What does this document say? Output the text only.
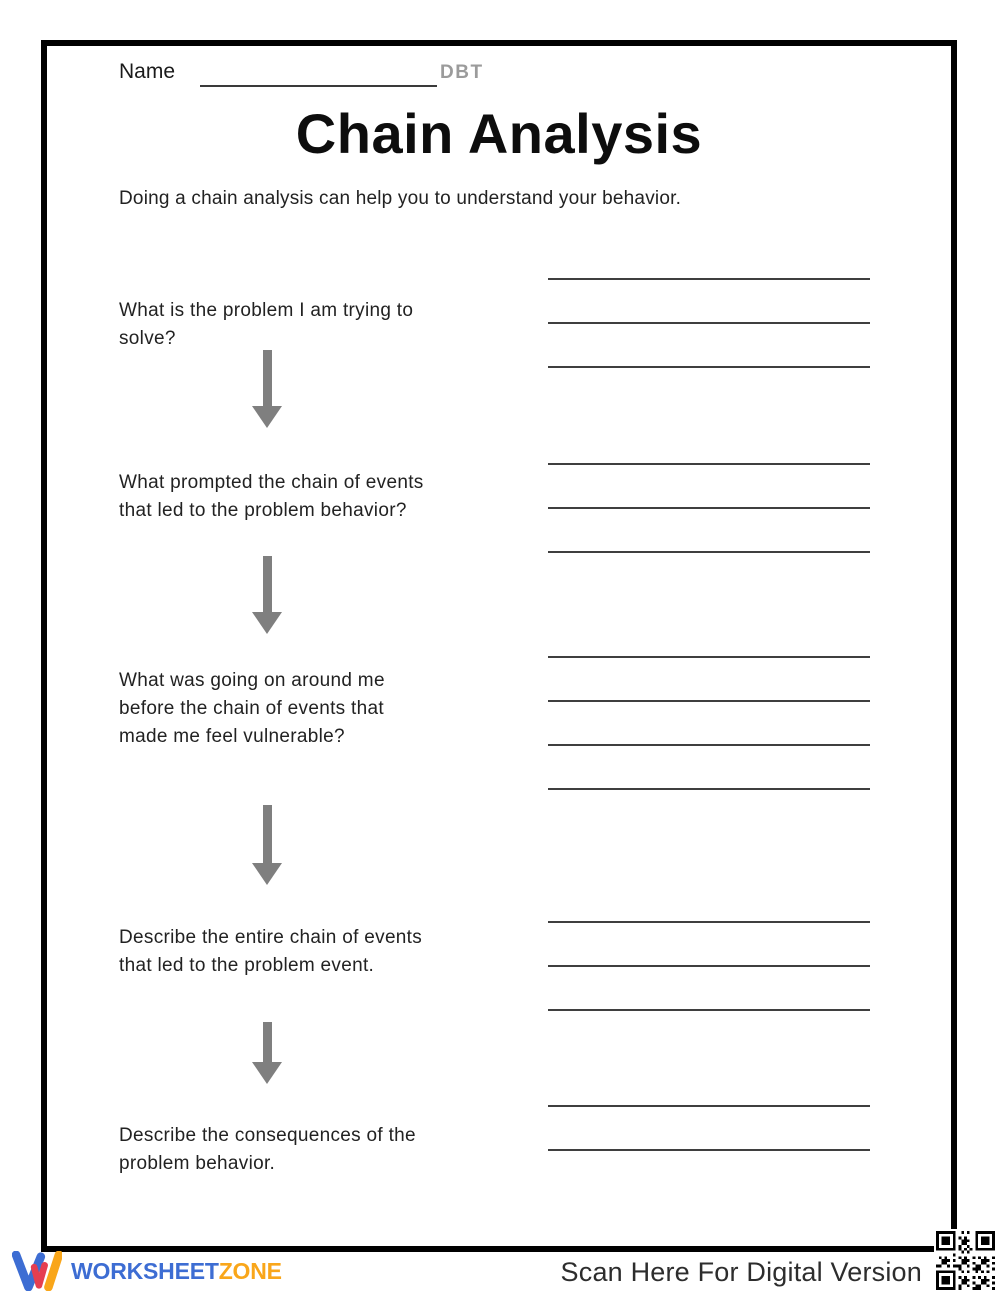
Name	DBT
Chain Analysis
Doing a chain analysis can help you to understand your behavior.
What is the problem I am trying to
solve?
What prompted the chain of events
that led to the problem behavior?
What was going on around me
before the chain of events that
made me feel vulnerable?
Describe the entire chain of events
that led to the problem event.
Describe the consequences of the
problem behavior.
WORKSHEETZONE	Scan Here For Digital Version
